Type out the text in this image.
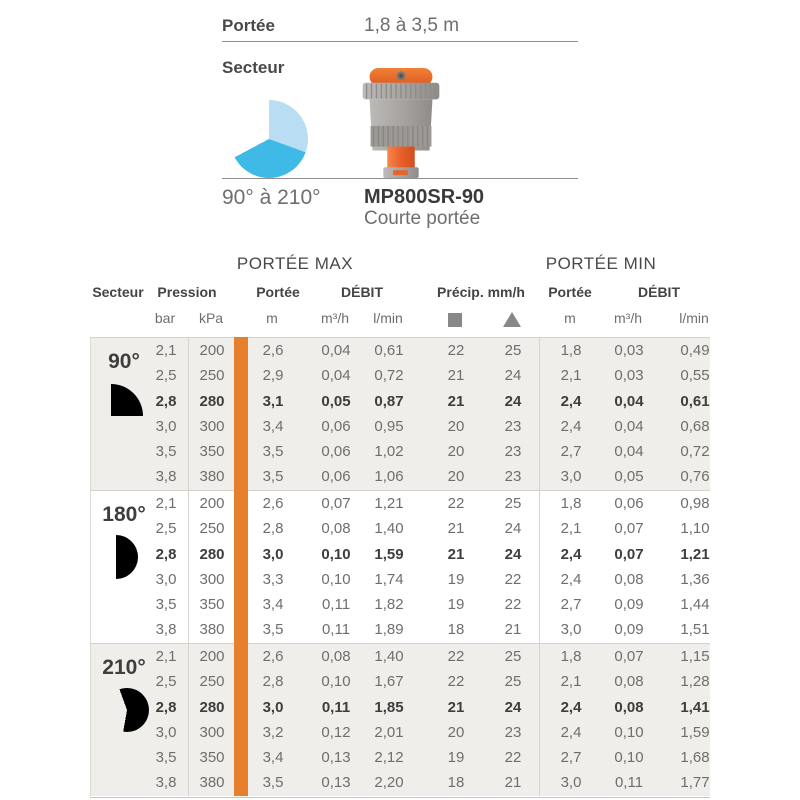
Portée	1,8 à 3,5 m
Secteur
90° à 210° MP800SR-90
Courte portée
PORTÉE MAX	PORTÉE MIN
Secteur Pression	Portée	DÉBIT	Précip. mm/h	Portée	DÉBIT
bar	kPa	m	m³/h	l/min	m	m³/h	l/min
90°	2,1	200	2,6	0,04	0,61	22	25	1,8	0,03	0,49
2,5	250	2,9	0,04	0,72	21	24	2,1	0,03	0,55
2,8	280	3,1	0,05	0,87	21	24	2,4	0,04	0,61
3,0	300	3,4	0,06	0,95	20	23	2,4	0,04	0,68
3,5	350	3,5	0,06	1,02	20	23	2,7	0,04	0,72
3,8	380	3,5	0,06	1,06	20	23	3,0	0,05	0,76
180° 2,1	200	2,6	0,07	1,21	22	25	1,8	0,06	0,98
2,5	250	2,8	0,08	1,40	21	24	2,1	0,07	1,10
2,8	280	3,0	0,10	1,59	21	24	2,4	0,07	1,21
3,0	300	3,3	0,10	1,74	19	22	2,4	0,08	1,36
3,5	350	3,4	0,11	1,82	19	22	2,7	0,09	1,44
3,8	380	3,5	0,11	1,89	18	21	3,0	0,09	1,51
210° 2,1	200	2,6	0,08	1,40	22	25	1,8	0,07	1,15
2,5	250	2,8	0,10	1,67	22	25	2,1	0,08	1,28
2,8	280	3,0	0,11	1,85	21	24	2,4	0,08	1,41
3,0	300	3,2	0,12	2,01	20	23	2,4	0,10	1,59
3,5	350	3,4	0,13	2,12	19	22	2,7	0,10	1,68
3,8	380	3,5	0,13	2,20	18	21	3,0	0,11	1,77
